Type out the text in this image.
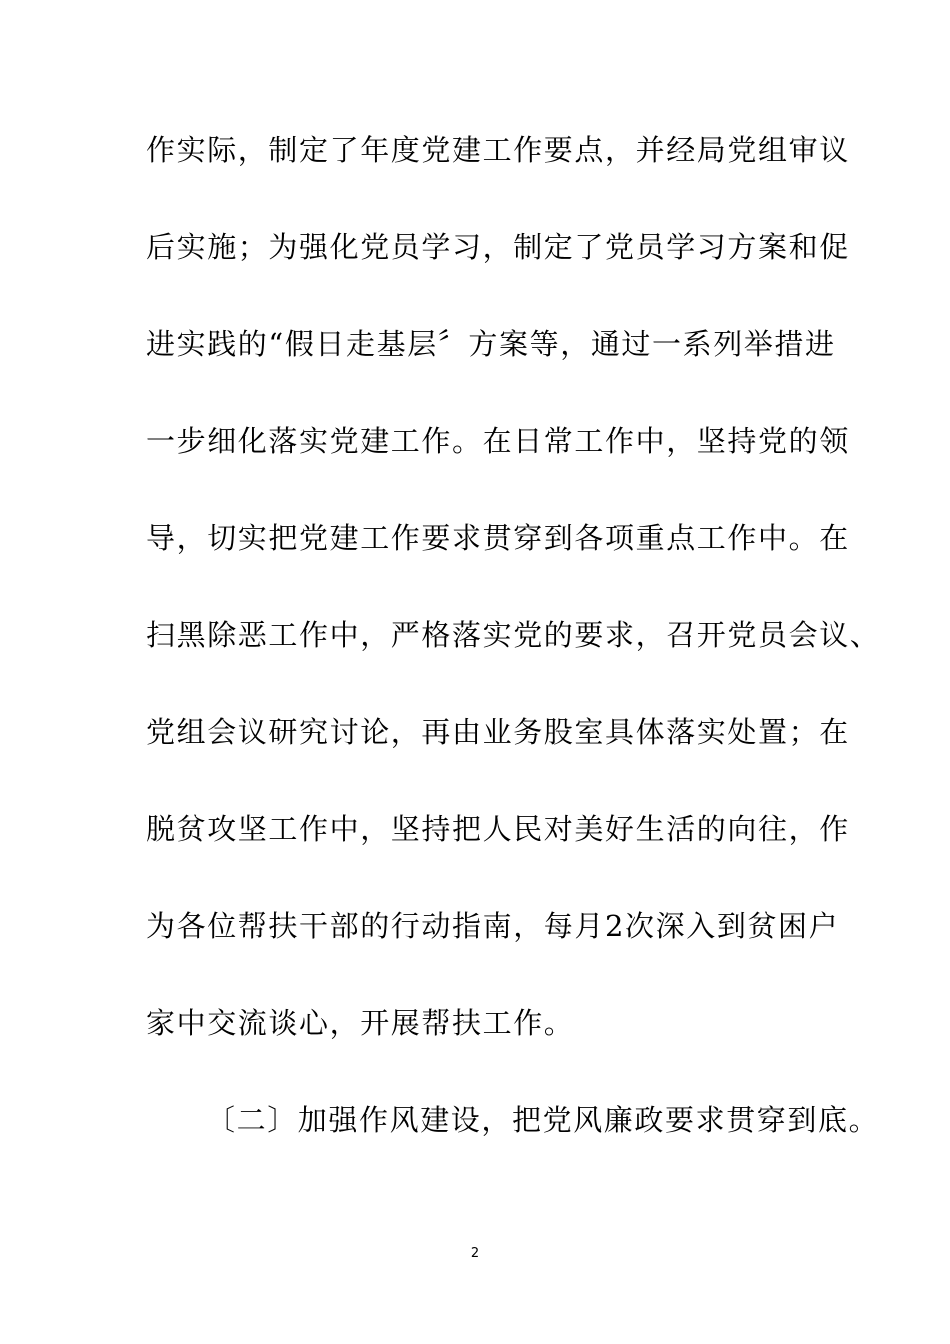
作实际，制定了年度党建工作要点，并经局党组审议
后实施；为强化党员学习，制定了党员学习方案和促
进实践的“假日走基层〞方案等，通过一系列举措进
一步细化落实党建工作。在日常工作中，坚持党的领
导，切实把党建工作要求贯穿到各项重点工作中。在
扫黑除恶工作中，严格落实党的要求，召开党员会议、
党组会议研究讨论，再由业务股室具体落实处置；在
脱贫攻坚工作中，坚持把人民对美好生活的向往，作
为各位帮扶干部的行动指南，每月2次深入到贫困户
家中交流谈心，开展帮扶工作。
〔二〕加强作风建设，把党风廉政要求贯穿到底。
2
